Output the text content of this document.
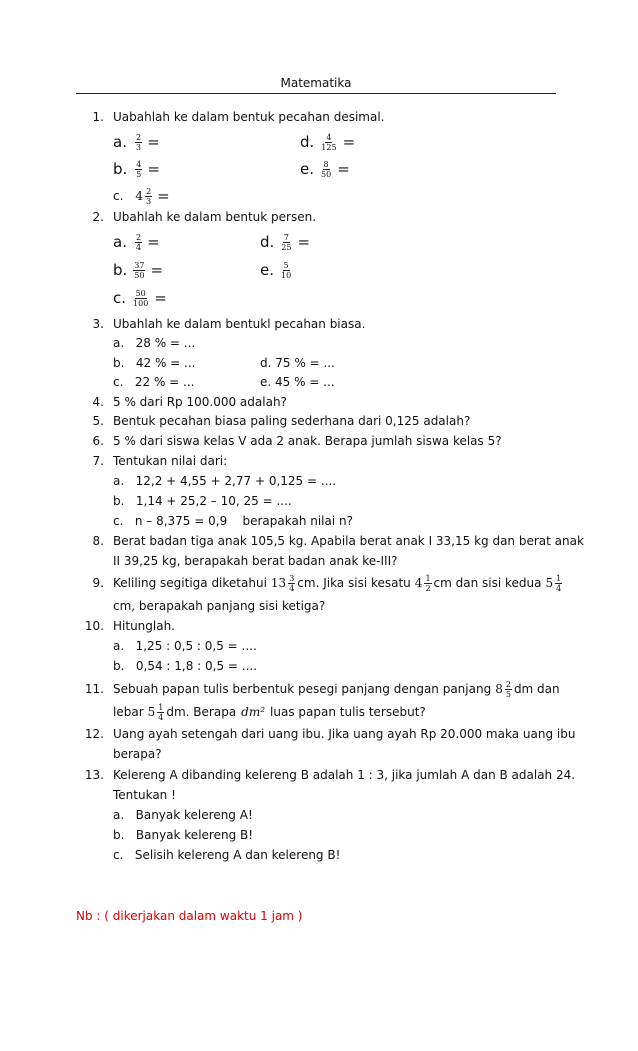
Matematika
1. Uabahlah ke dalam bentuk pecahan desimal.
a. $\frac{2}{3}$ =	d. $\frac{4}{125}$ =
b. $\frac{4}{5}$ =	e. $\frac{8}{50}$ =
c. $4 \frac{2}{3}$ =
2. Ubahlah ke dalam bentuk persen.
a. $\frac{2}{4}$ =	d. $\frac{7}{25}$ =
b. $\frac{37}{50}$ =	e. $\frac{5}{10}$
c. $\frac{50}{100}$ =
3. Ubahlah ke dalam bentukl pecahan biasa.
a.   28 % = ...
b.   42 % = ...	d. 75 % = ...
c.   22 % = ...	e. 45 % = ...
4. 5 % dari Rp 100.000 adalah?
5. Bentuk pecahan biasa paling sederhana dari 0,125 adalah?
6. 5 % dari siswa kelas V ada 2 anak. Berapa jumlah siswa kelas 5?
7. Tentukan nilai dari:
a.   12,2 + 4,55 + 2,77 + 0,125 = ....
b.   1,14 + 25,2 – 10, 25 = ....
c.   n – 8,375 = 0,9    berapakah nilai n?
8. Berat badan tiga anak 105,5 kg. Apabila berat anak I 33,15 kg dan berat anak
II 39,25 kg, berapakah berat badan anak ke-III?
9. Keliling segitiga diketahui $13 \frac{3}{4}$ cm. Jika sisi kesatu $4 \frac{1}{2}$ cm dan sisi kedua $5 \frac{1}{4}$
cm, berapakah panjang sisi ketiga?
10. Hitunglah.
a.   1,25 : 0,5 : 0,5 = ....
b.   0,54 : 1,8 : 0,5 = ....
11. Sebuah papan tulis berbentuk pesegi panjang dengan panjang $8 \frac{2}{5}$ dm dan
lebar $5 \frac{1}{4}$ dm. Berapa dm² luas papan tulis tersebut?
12. Uang ayah setengah dari uang ibu. Jika uang ayah Rp 20.000 maka uang ibu
berapa?
13. Kelereng A dibanding kelereng B adalah 1 : 3, jika jumlah A dan B adalah 24.
Tentukan !
a.   Banyak kelereng A!
b.   Banyak kelereng B!
c.   Selisih kelereng A dan kelereng B!
Nb : ( dikerjakan dalam waktu 1 jam )
